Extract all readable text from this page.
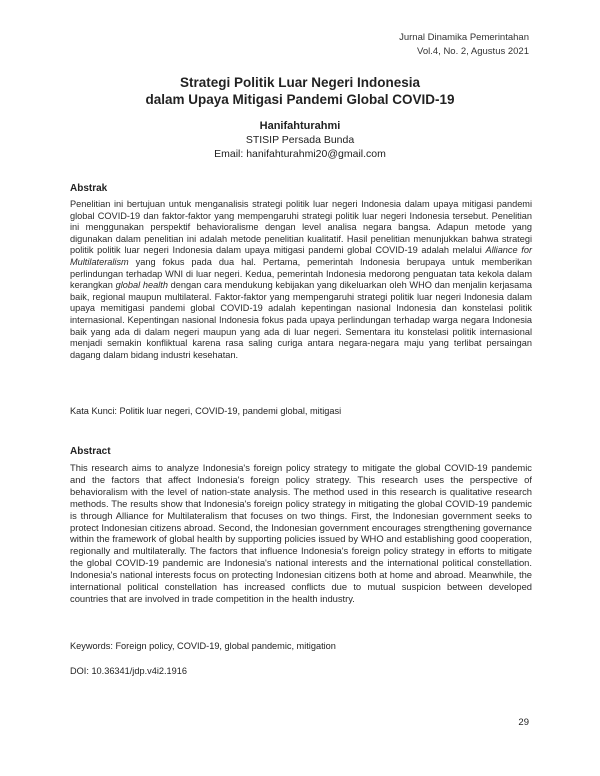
Jurnal Dinamika Pemerintahan
Vol.4, No. 2, Agustus 2021
Strategi Politik Luar Negeri Indonesia
dalam Upaya Mitigasi Pandemi Global COVID-19
Hanifahturahmi
STISIP Persada Bunda
Email: hanifahturahmi20@gmail.com
Abstrak
Penelitian ini bertujuan untuk menganalisis strategi politik luar negeri Indonesia dalam upaya mitigasi pandemi global COVID-19 dan faktor-faktor yang mempengaruhi strategi politik luar negeri Indonesia tersebut. Penelitian ini menggunakan perspektif behavioralisme dengan level analisa negara bangsa. Adapun metode yang digunakan dalam penelitian ini adalah metode penelitian kualitatif. Hasil penelitian menunjukkan bahwa strategi politik politik luar negeri Indonesia dalam upaya mitigasi pandemi global COVID-19 adalah melalui Alliance for Multilateralism yang fokus pada dua hal. Pertama, pemerintah Indonesia berupaya untuk memberikan perlindungan terhadap WNI di luar negeri. Kedua, pemerintah Indonesia medorong penguatan tata kekola dalam kerangkan global health dengan cara mendukung kebijakan yang dikeluarkan oleh WHO dan menjalin kerjasama baik, regional maupun multilateral. Faktor-faktor yang mempengaruhi strategi politik luar negeri Indonesia dalam upaya memitigasi pandemi global COVID-19 adalah kepentingan nasional Indonesia dan konstelasi politik internasional. Kepentingan nasional Indonesia fokus pada upaya perlindungan terhadap warga negara Indonesia baik yang ada di dalam negeri maupun yang ada di luar negeri. Sementara itu konstelasi politik internasional menjadi semakin konfliktual karena rasa saling curiga antara negara-negara maju yang terlibat persaingan dagang dalam bidang industri kesehatan.
Kata Kunci: Politik luar negeri, COVID-19, pandemi global, mitigasi
Abstract
This research aims to analyze Indonesia's foreign policy strategy to mitigate the global COVID-19 pandemic and the factors that affect Indonesia's foreign policy strategy. This research uses the perspective of behavioralism with the level of nation-state analysis. The method used in this research is qualitative research methods. The results show that Indonesia's foreign policy strategy in mitigating the global COVID-19 pandemic is through Alliance for Multilateralism that focuses on two things. First, the Indonesian government seeks to protect Indonesian citizens abroad. Second, the Indonesian government encourages strengthening governance within the framework of global health by supporting policies issued by WHO and establishing good cooperation, regionally and multilaterally. The factors that influence Indonesia's foreign policy strategy in efforts to mitigate the global COVID-19 pandemic are Indonesia's national interests and the international political constellation. Indonesia's national interests focus on protecting Indonesian citizens both at home and abroad. Meanwhile, the international political constellation has increased conflicts due to mutual suspicion between developed countries that are involved in trade competition in the health industry.
Keywords: Foreign policy, COVID-19, global pandemic, mitigation
DOI: 10.36341/jdp.v4i2.1916
29
